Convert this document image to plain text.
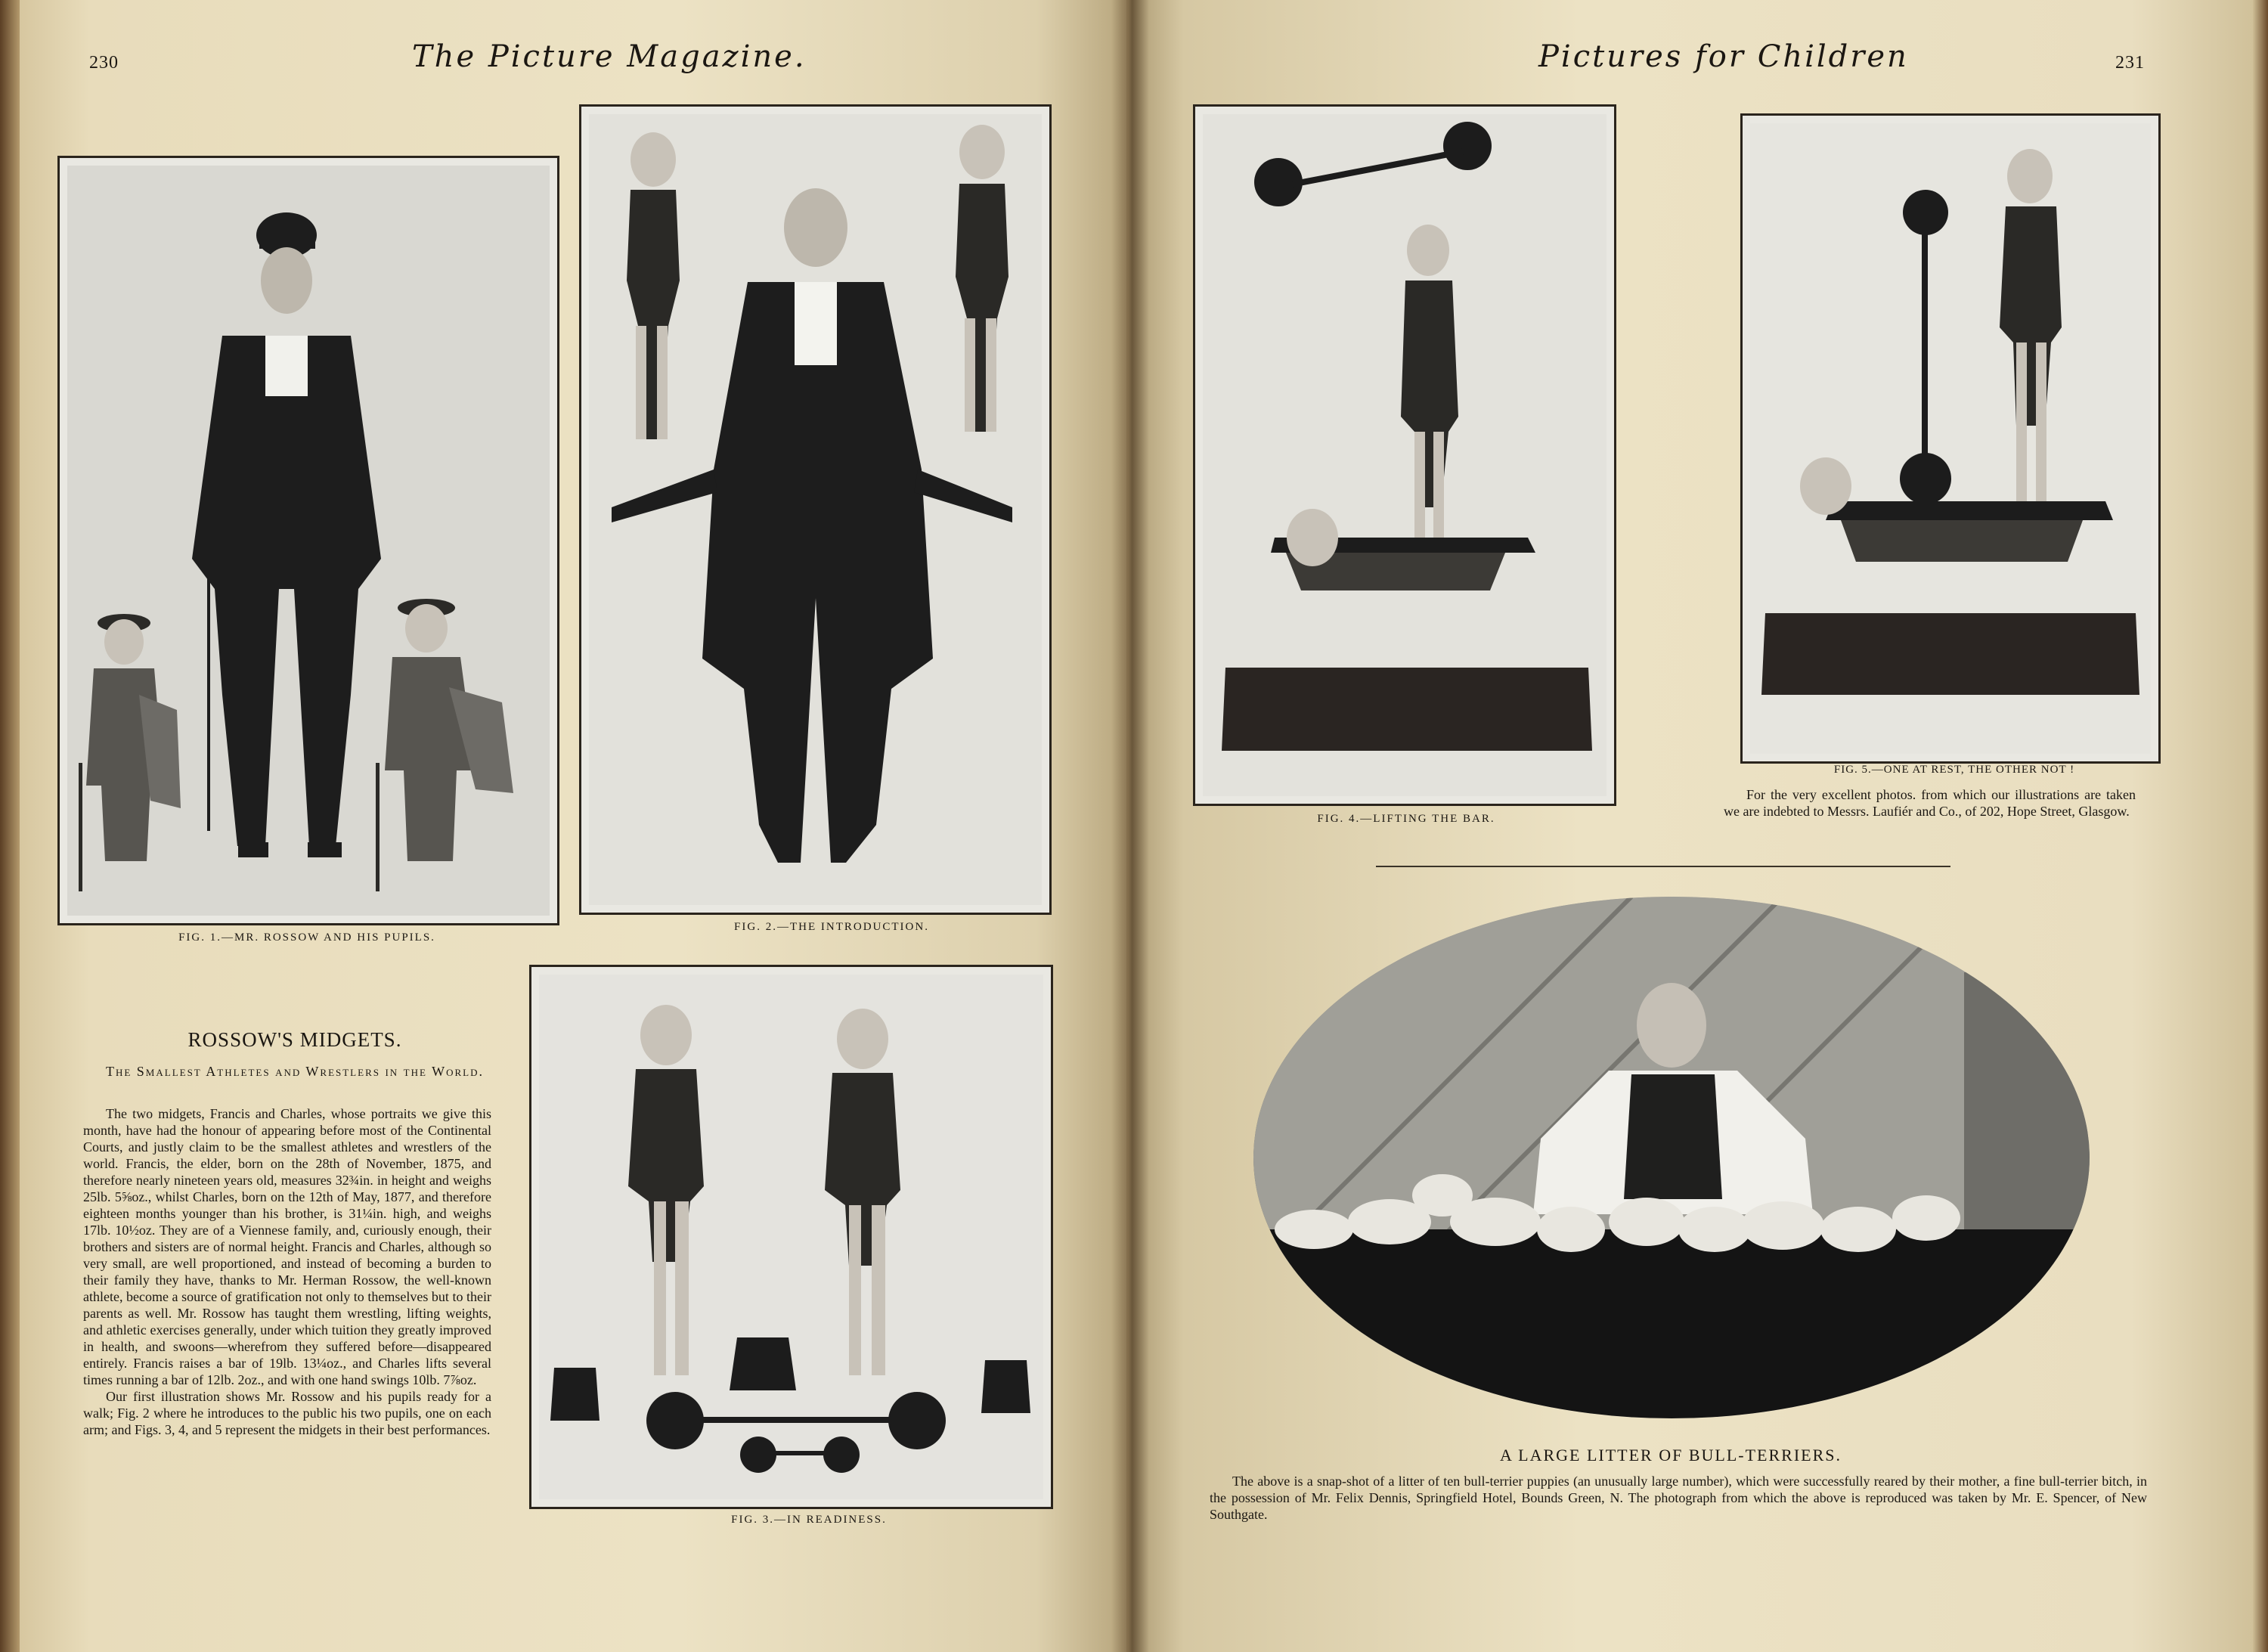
230	The Picture Magazine.
FIG. 1.—MR. ROSSOW AND HIS PUPILS.
FIG. 2.—THE INTRODUCTION.
FIG. 3.—IN READINESS.
ROSSOW'S MIDGETS.
The Smallest Athletes and Wrestlers in the World.

The two midgets, Francis and Charles, whose portraits we give this month, have had the honour of appearing before most of the Continental Courts, and justly claim to be the smallest athletes and wrestlers of the world. Francis, the elder, born on the 28th of November, 1875, and therefore nearly nineteen years old, measures 32¾in. in height and weighs 25lb. 5⅝oz., whilst Charles, born on the 12th of May, 1877, and therefore eighteen months younger than his brother, is 31¼in. high, and weighs 17lb. 10½oz. They are of a Viennese family, and, curiously enough, their brothers and sisters are of normal height. Francis and Charles, although so very small, are well proportioned, and instead of becoming a burden to their family they have, thanks to Mr. Herman Rossow, the well-known athlete, become a source of gratification not only to themselves but to their parents as well. Mr. Rossow has taught them wrestling, lifting weights, and athletic exercises generally, under which tuition they greatly improved in health, and swoons—wherefrom they suffered before—disappeared entirely. Francis raises a bar of 19lb. 13¼oz., and Charles lifts several times running a bar of 12lb. 2oz., and with one hand swings 10lb. 7⅞oz.

Our first illustration shows Mr. Rossow and his pupils ready for a walk; Fig. 2 where he introduces to the public his two pupils, one on each arm; and Figs. 3, 4, and 5 represent the midgets in their best performances.

Pictures for Children	231
FIG. 4.—LIFTING THE BAR.
FIG. 5.—ONE AT REST, THE OTHER NOT !

For the very excellent photos. from which our illustrations are taken we are indebted to Messrs. Laufiér and Co., of 202, Hope Street, Glasgow.

A LARGE LITTER OF BULL-TERRIERS.

The above is a snap-shot of a litter of ten bull-terrier puppies (an unusually large number), which were successfully reared by their mother, a fine bull-terrier bitch, in the possession of Mr. Felix Dennis, Springfield Hotel, Bounds Green, N. The photograph from which the above is reproduced was taken by Mr. E. Spencer, of New Southgate.
